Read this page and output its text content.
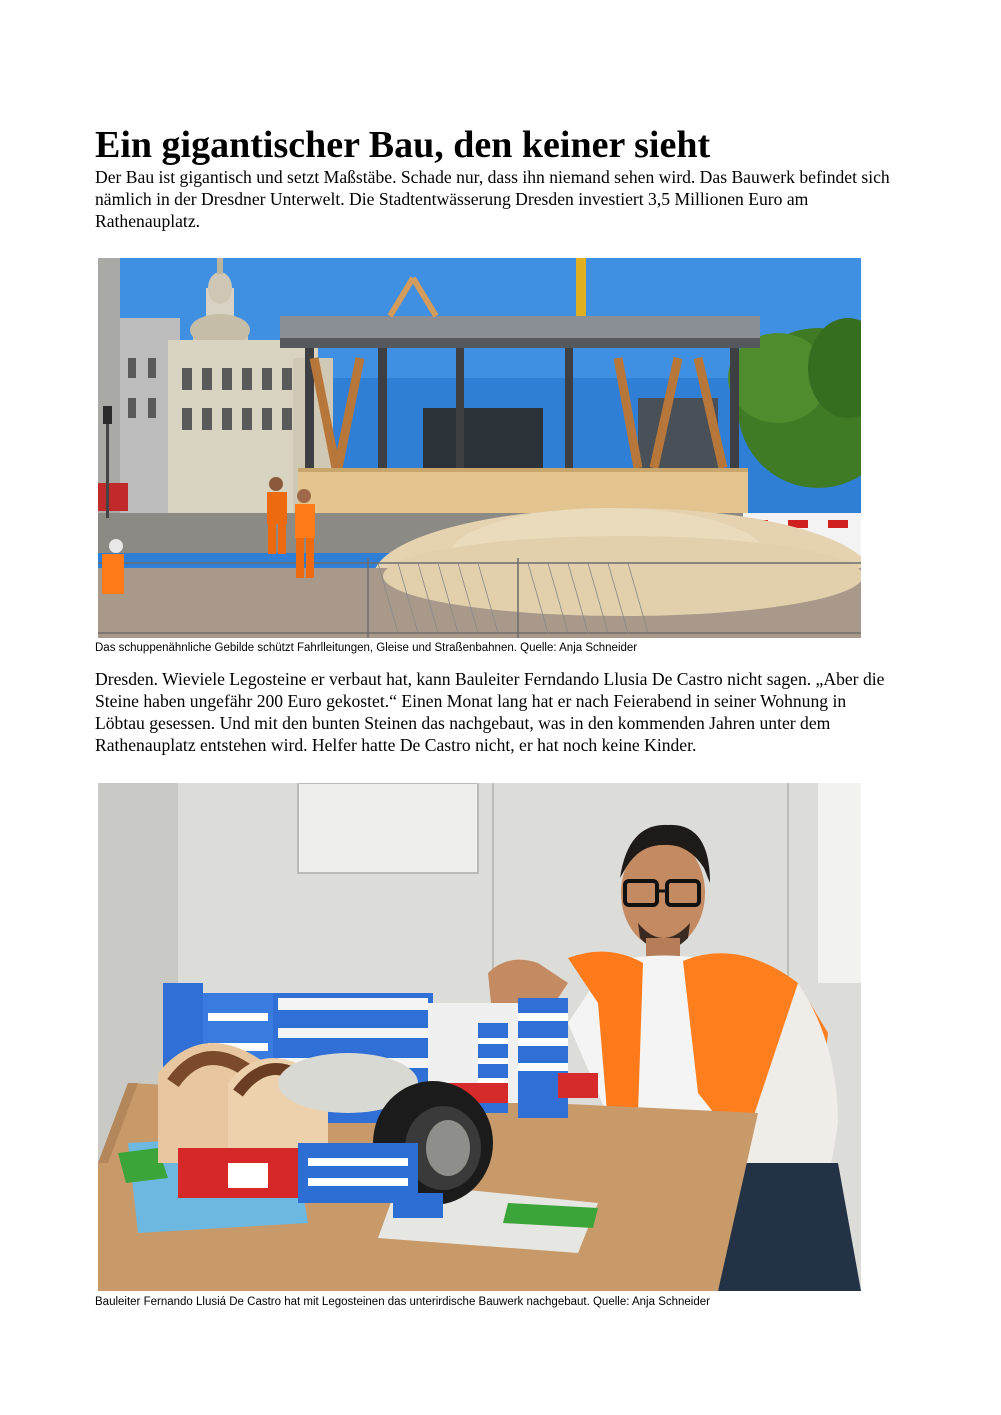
Ein gigantischer Bau, den keiner sieht

Der Bau ist gigantisch und setzt Maßstäbe. Schade nur, dass ihn niemand sehen wird. Das Bauwerk befindet sich nämlich in der Dresdner Unterwelt. Die Stadtentwässerung Dresden investiert 3,5 Millionen Euro am Rathenauplatz.

Das schuppenähnliche Gebilde schützt Fahrlleitungen, Gleise und Straßenbahnen. Quelle: Anja Schneider

Dresden. Wieviele Legosteine er verbaut hat, kann Bauleiter Ferndando Llusia De Castro nicht sagen. „Aber die Steine haben ungefähr 200 Euro gekostet.“ Einen Monat lang hat er nach Feierabend in seiner Wohnung in Löbtau gesessen. Und mit den bunten Steinen das nachgebaut, was in den kommenden Jahren unter dem Rathenauplatz entstehen wird. Helfer hatte De Castro nicht, er hat noch keine Kinder.

Bauleiter Fernando Llusiá De Castro hat mit Legosteinen das unterirdische Bauwerk nachgebaut. Quelle: Anja Schneider
